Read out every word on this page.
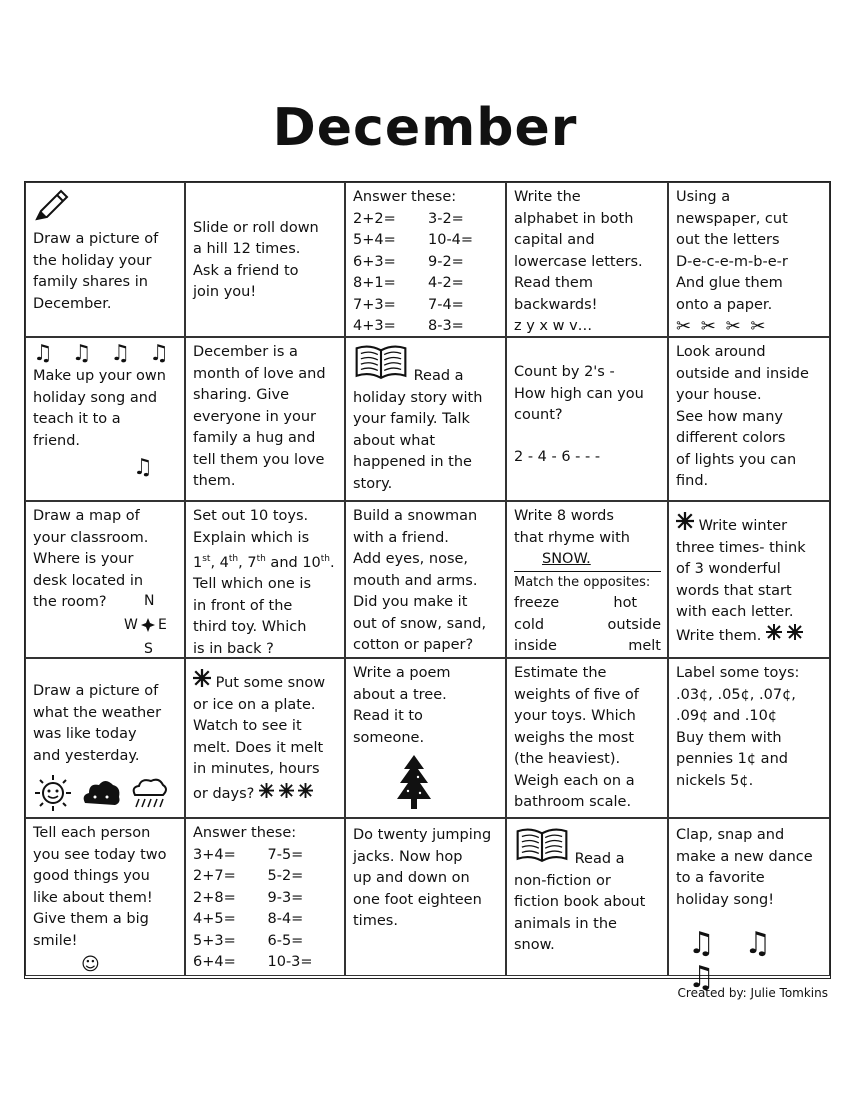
December
Draw a picture of
the holiday your
family shares in
December.
Slide or roll down
a hill 12 times.
Ask a friend to
join you!
Answer these:
2+2=	3-2=
5+4=	10-4=
6+3=	9-2=
8+1=	4-2=
7+3=	7-4=
4+3=	8-3=
Write the
alphabet in both
capital and
lowercase letters.
Read them
backwards!
z y x w v…
Using a
newspaper, cut
out the letters
D-e-c-e-m-b-e-r
And glue them
onto a paper.
✂ ✂ ✂ ✂
♫ ♫ ♫ ♫
Make up your own
holiday song and
teach it to a
friend.
♫
December is a
month of love and
sharing. Give
everyone in your
family a hug and
tell them you love
them.
Read a
holiday story with
your family. Talk
about what
happened in the
story.
Count by 2's -
How high can you
count?
2 - 4 - 6 - - -
Look around
outside and inside
your house.
See how many
different colors
of lights you can
find.
Draw a map of
your classroom.
Where is your
desk located in
the room?	N
W E
S
Set out 10 toys.
Explain which is
1st, 4th, 7th and 10th.
Tell which one is
in front of the
third toy. Which
is in back ?
Build a snowman
with a friend.
Add eyes, nose,
mouth and arms.
Did you make it
out of snow, sand,
cotton or paper?
Write 8 words
that rhyme with
SNOW.
Match the opposites:
freeze	hot
cold	outside
inside	melt
Write winter
three times- think
of 3 wonderful
words that start
with each letter.
Write them.
Draw a picture of
what the weather
was like today
and yesterday.
Put some snow
or ice on a plate.
Watch to see it
melt. Does it melt
in minutes, hours
or days?
Write a poem
about a tree.
Read it to
someone.
Estimate the
weights of five of
your toys. Which
weighs the most
(the heaviest).
Weigh each on a
bathroom scale.
Label some toys:
.03¢, .05¢, .07¢,
.09¢ and .10¢
Buy them with
pennies 1¢ and
nickels 5¢.
Tell each person
you see today two
good things you
like about them!
Give them a big
smile!
☺
Answer these:
3+4=	7-5=
2+7=	5-2=
2+8=	9-3=
4+5=	8-4=
5+3=	6-5=
6+4=	10-3=
Do twenty jumping
jacks. Now hop
up and down on
one foot eighteen
times.
Read a
non-fiction or
fiction book about
animals in the
snow.
Clap, snap and
make a new dance
to a favorite
holiday song!
♫ ♫ ♫
Created by: Julie Tomkins
